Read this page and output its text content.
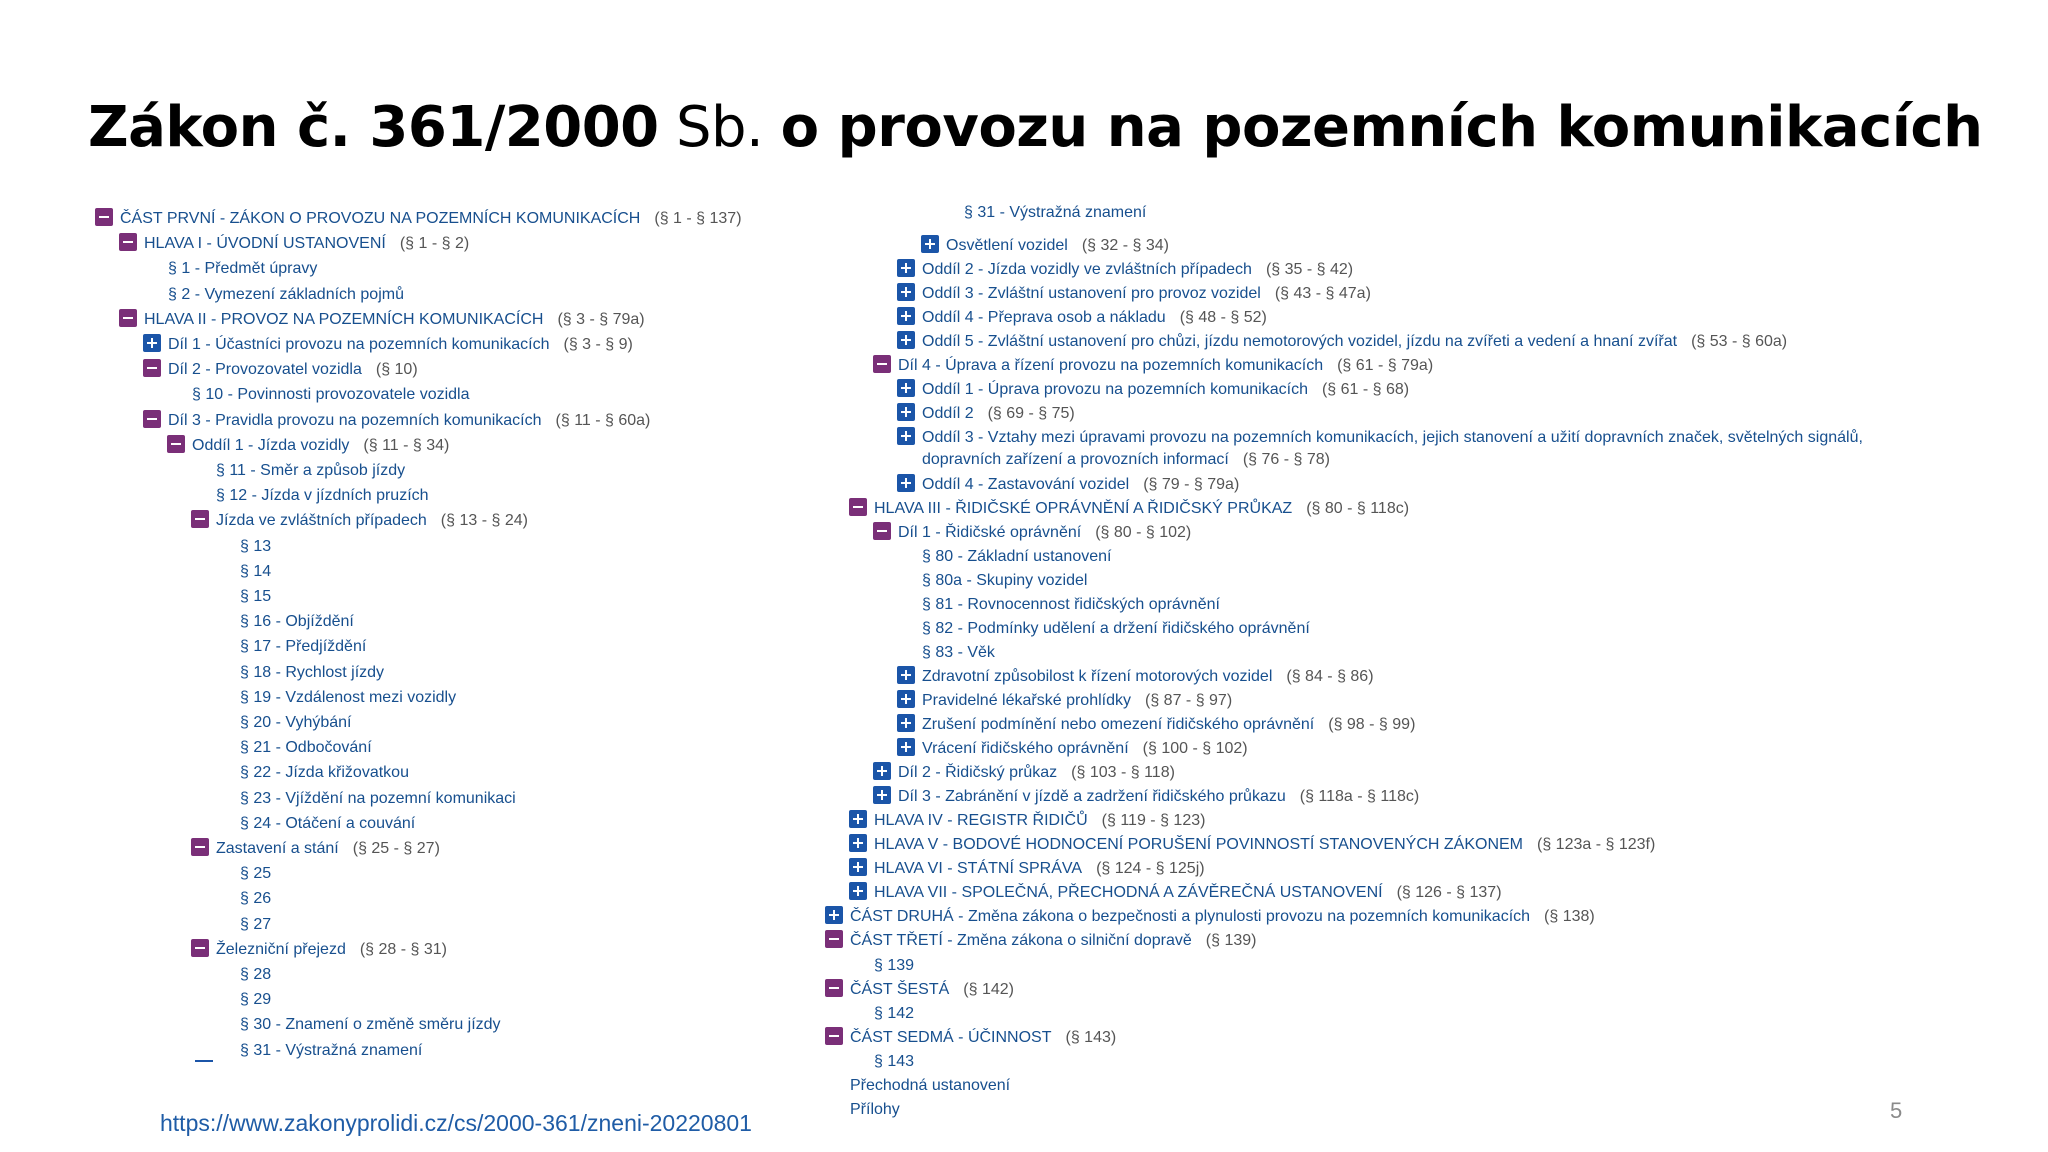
Zákon č. 361/2000 Sb. o provozu na pozemních komunikacích
ČÁST PRVNÍ - ZÁKON O PROVOZU NA POZEMNÍCH KOMUNIKACÍCH (§ 1 - § 137)
HLAVA I - ÚVODNÍ USTANOVENÍ (§ 1 - § 2)
§ 1 - Předmět úpravy
§ 2 - Vymezení základních pojmů
HLAVA II - PROVOZ NA POZEMNÍCH KOMUNIKACÍCH (§ 3 - § 79a)
Díl 1 - Účastníci provozu na pozemních komunikacích (§ 3 - § 9)
Díl 2 - Provozovatel vozidla (§ 10)
§ 10 - Povinnosti provozovatele vozidla
Díl 3 - Pravidla provozu na pozemních komunikacích (§ 11 - § 60a)
Oddíl 1 - Jízda vozidly (§ 11 - § 34)
§ 11 - Směr a způsob jízdy
§ 12 - Jízda v jízdních pruzích
Jízda ve zvláštních případech (§ 13 - § 24)
§ 13
§ 14
§ 15
§ 16 - Objíždění
§ 17 - Předjíždění
§ 18 - Rychlost jízdy
§ 19 - Vzdálenost mezi vozidly
§ 20 - Vyhýbání
§ 21 - Odbočování
§ 22 - Jízda křižovatkou
§ 23 - Vjíždění na pozemní komunikaci
§ 24 - Otáčení a couvání
Zastavení a stání (§ 25 - § 27)
§ 25
§ 26
§ 27
Železniční přejezd (§ 28 - § 31)
§ 28
§ 29
§ 30 - Znamení o změně směru jízdy
§ 31 - Výstražná znamení
§ 31 - Výstražná znamení
Osvětlení vozidel (§ 32 - § 34)
Oddíl 2 - Jízda vozidly ve zvláštních případech (§ 35 - § 42)
Oddíl 3 - Zvláštní ustanovení pro provoz vozidel (§ 43 - § 47a)
Oddíl 4 - Přeprava osob a nákladu (§ 48 - § 52)
Oddíl 5 - Zvláštní ustanovení pro chůzi, jízdu nemotorových vozidel, jízdu na zvířeti a vedení a hnaní zvířat (§ 53 - § 60a)
Díl 4 - Úprava a řízení provozu na pozemních komunikacích (§ 61 - § 79a)
Oddíl 1 - Úprava provozu na pozemních komunikacích (§ 61 - § 68)
Oddíl 2 (§ 69 - § 75)
Oddíl 3 - Vztahy mezi úpravami provozu na pozemních komunikacích, jejich stanovení a užití dopravních značek, světelných signálů,
dopravních zařízení a provozních informací (§ 76 - § 78)
Oddíl 4 - Zastavování vozidel (§ 79 - § 79a)
HLAVA III - ŘIDIČSKÉ OPRÁVNĚNÍ A ŘIDIČSKÝ PRŮKAZ (§ 80 - § 118c)
Díl 1 - Řidičské oprávnění (§ 80 - § 102)
§ 80 - Základní ustanovení
§ 80a - Skupiny vozidel
§ 81 - Rovnocennost řidičských oprávnění
§ 82 - Podmínky udělení a držení řidičského oprávnění
§ 83 - Věk
Zdravotní způsobilost k řízení motorových vozidel (§ 84 - § 86)
Pravidelné lékařské prohlídky (§ 87 - § 97)
Zrušení podmínění nebo omezení řidičského oprávnění (§ 98 - § 99)
Vrácení řidičského oprávnění (§ 100 - § 102)
Díl 2 - Řidičský průkaz (§ 103 - § 118)
Díl 3 - Zabránění v jízdě a zadržení řidičského průkazu (§ 118a - § 118c)
HLAVA IV - REGISTR ŘIDIČŮ (§ 119 - § 123)
HLAVA V - BODOVÉ HODNOCENÍ PORUŠENÍ POVINNOSTÍ STANOVENÝCH ZÁKONEM (§ 123a - § 123f)
HLAVA VI - STÁTNÍ SPRÁVA (§ 124 - § 125j)
HLAVA VII - SPOLEČNÁ, PŘECHODNÁ A ZÁVĚREČNÁ USTANOVENÍ (§ 126 - § 137)
ČÁST DRUHÁ - Změna zákona o bezpečnosti a plynulosti provozu na pozemních komunikacích (§ 138)
ČÁST TŘETÍ - Změna zákona o silniční dopravě (§ 139)
§ 139
ČÁST ŠESTÁ (§ 142)
§ 142
ČÁST SEDMÁ - ÚČINNOST (§ 143)
§ 143
Přechodná ustanovení
Přílohy
https://www.zakonyprolidi.cz/cs/2000-361/zneni-20220801	5
